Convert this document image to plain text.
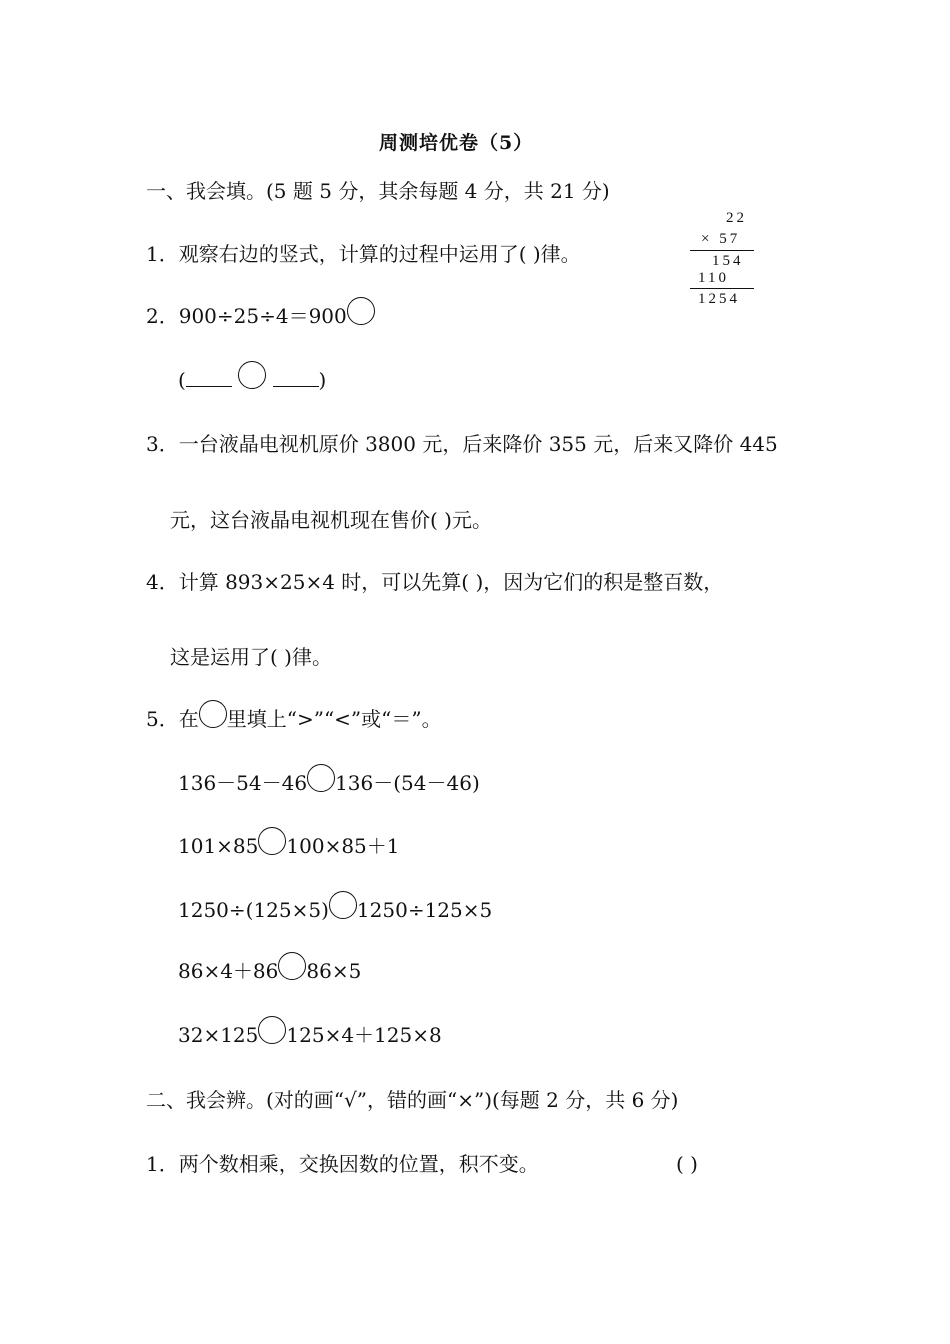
周测培优卷（5）
一、我会填。(5 题 5 分，其余每题 4 分，共 21 分)
1．观察右边的竖式，计算的过程中运用了( )律。
22
× 57
154
110
1254
2．900÷25÷4＝900
(	)
3．一台液晶电视机原价 3800 元，后来降价 355 元，后来又降价 445
元，这台液晶电视机现在售价( )元。
4．计算 893×25×4 时，可以先算( )，因为它们的积是整百数，
这是运用了( )律。
5．在 里填上“>”“<”或“＝”。
136－54－46 136－(54－46)
101×85 100×85＋1
1250÷(125×5) 1250÷125×5
86×4＋86 86×5
32×125 125×4＋125×8
二、我会辨。(对的画“√”，错的画“×”)(每题 2 分，共 6 分)
1．两个数相乘，交换因数的位置，积不变。	( )
